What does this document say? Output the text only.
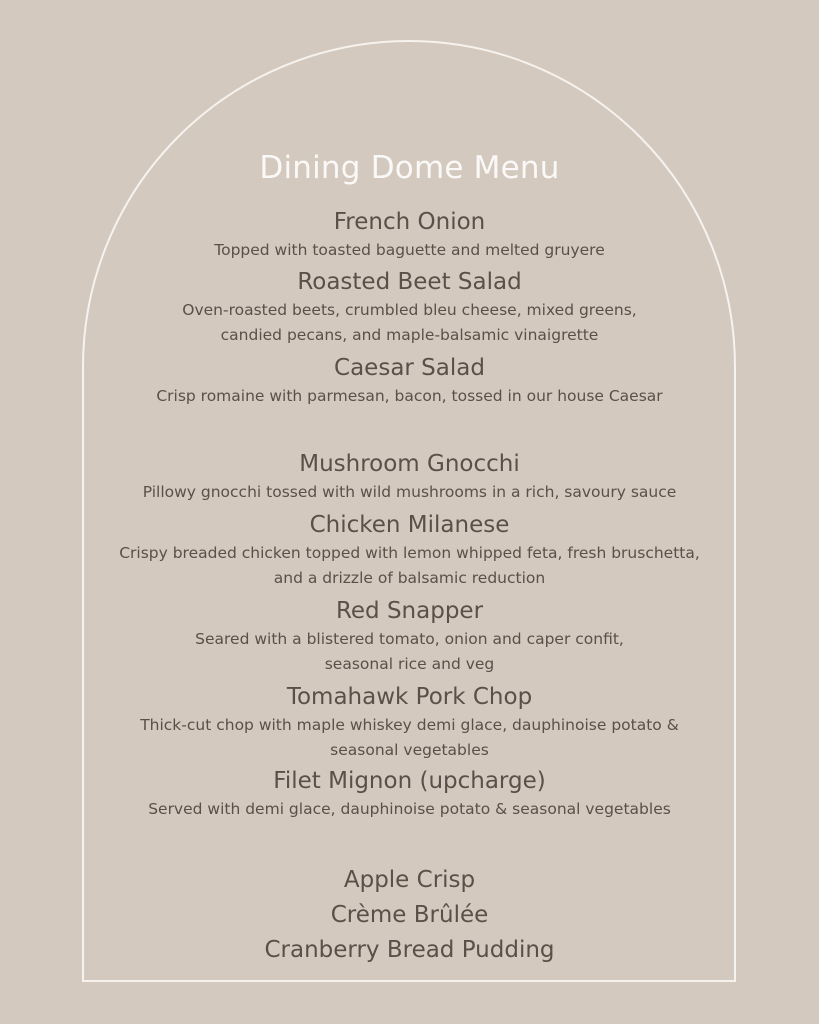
Dining Dome Menu
French Onion
Topped with toasted baguette and melted gruyere
Roasted Beet Salad
Oven-roasted beets, crumbled bleu cheese, mixed greens,
candied pecans, and maple-balsamic vinaigrette
Caesar Salad
Crisp romaine with parmesan, bacon, tossed in our house Caesar
Mushroom Gnocchi
Pillowy gnocchi tossed with wild mushrooms in a rich, savoury sauce
Chicken Milanese
Crispy breaded chicken topped with lemon whipped feta, fresh bruschetta,
and a drizzle of balsamic reduction
Red Snapper
Seared with a blistered tomato, onion and caper confit,
seasonal rice and veg
Tomahawk Pork Chop
Thick-cut chop with maple whiskey demi glace, dauphinoise potato &
seasonal vegetables
Filet Mignon (upcharge)
Served with demi glace, dauphinoise potato & seasonal vegetables
Apple Crisp
Crème Brûlée
Cranberry Bread Pudding
